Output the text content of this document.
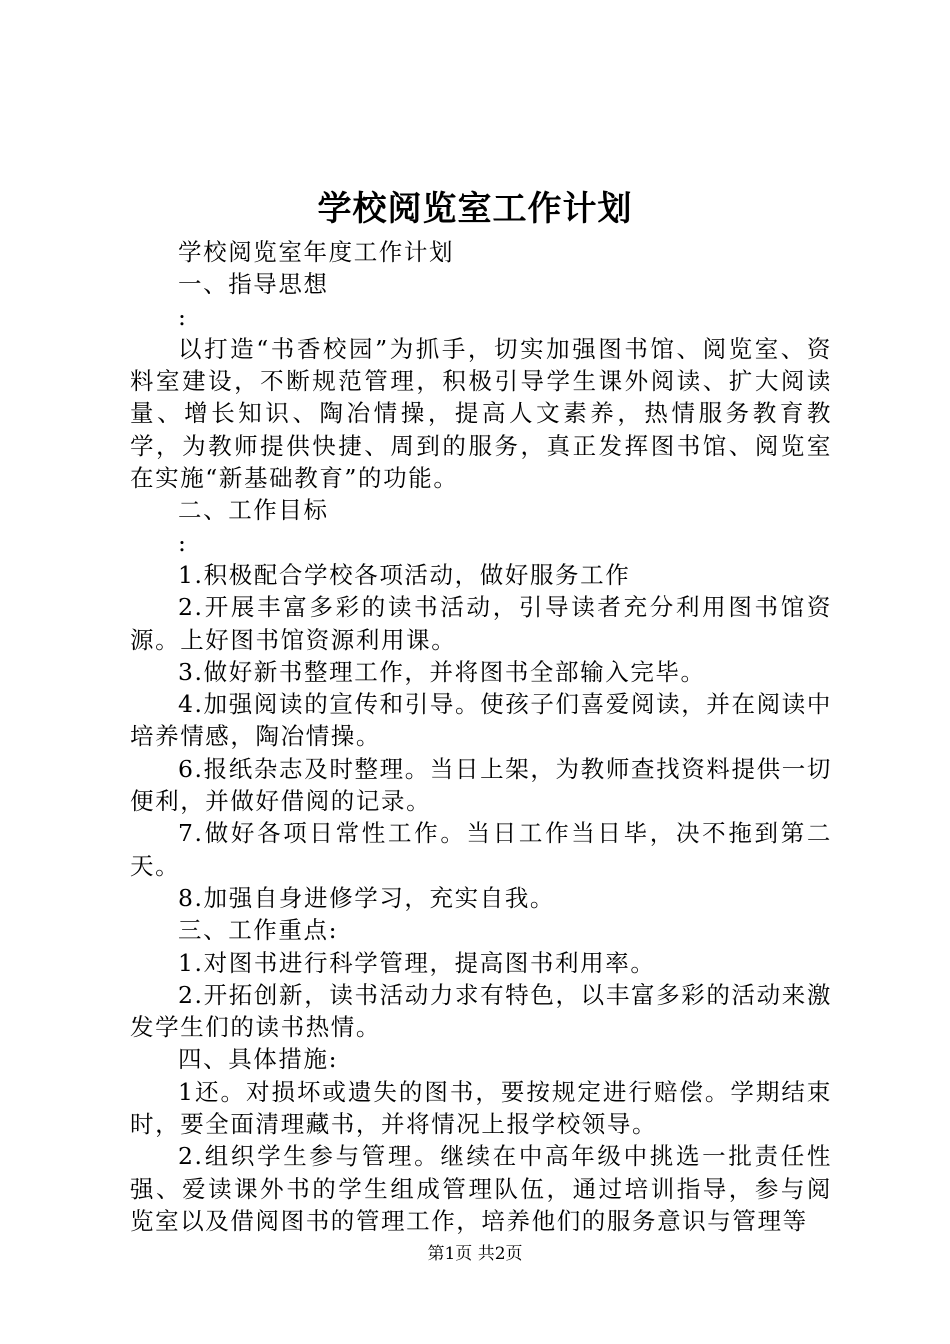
学校阅览室工作计划

学校阅览室年度工作计划

一、指导思想

:

以打造“书香校园”为抓手，切实加强图书馆、阅览室、资料室建设，不断规范管理，积极引导学生课外阅读、扩大阅读量、增长知识、陶冶情操，提高人文素养，热情服务教育教学，为教师提供快捷、周到的服务，真正发挥图书馆、阅览室在实施“新基础教育”的功能。

二、工作目标

:

1.积极配合学校各项活动，做好服务工作

2.开展丰富多彩的读书活动，引导读者充分利用图书馆资源。上好图书馆资源利用课。

3.做好新书整理工作，并将图书全部输入完毕。

4.加强阅读的宣传和引导。使孩子们喜爱阅读，并在阅读中培养情感，陶冶情操。

6.报纸杂志及时整理。当日上架，为教师查找资料提供一切便利，并做好借阅的记录。

7.做好各项日常性工作。当日工作当日毕，决不拖到第二天。

8.加强自身进修学习，充实自我。

三、工作重点:

1.对图书进行科学管理，提高图书利用率。

2.开拓创新，读书活动力求有特色，以丰富多彩的活动来激发学生们的读书热情。

四、具体措施:

1还。对损坏或遗失的图书，要按规定进行赔偿。学期结束时，要全面清理藏书，并将情况上报学校领导。

2.组织学生参与管理。继续在中高年级中挑选一批责任性强、爱读课外书的学生组成管理队伍，通过培训指导，参与阅览室以及借阅图书的管理工作，培养他们的服务意识与管理等

第1页 共2页
